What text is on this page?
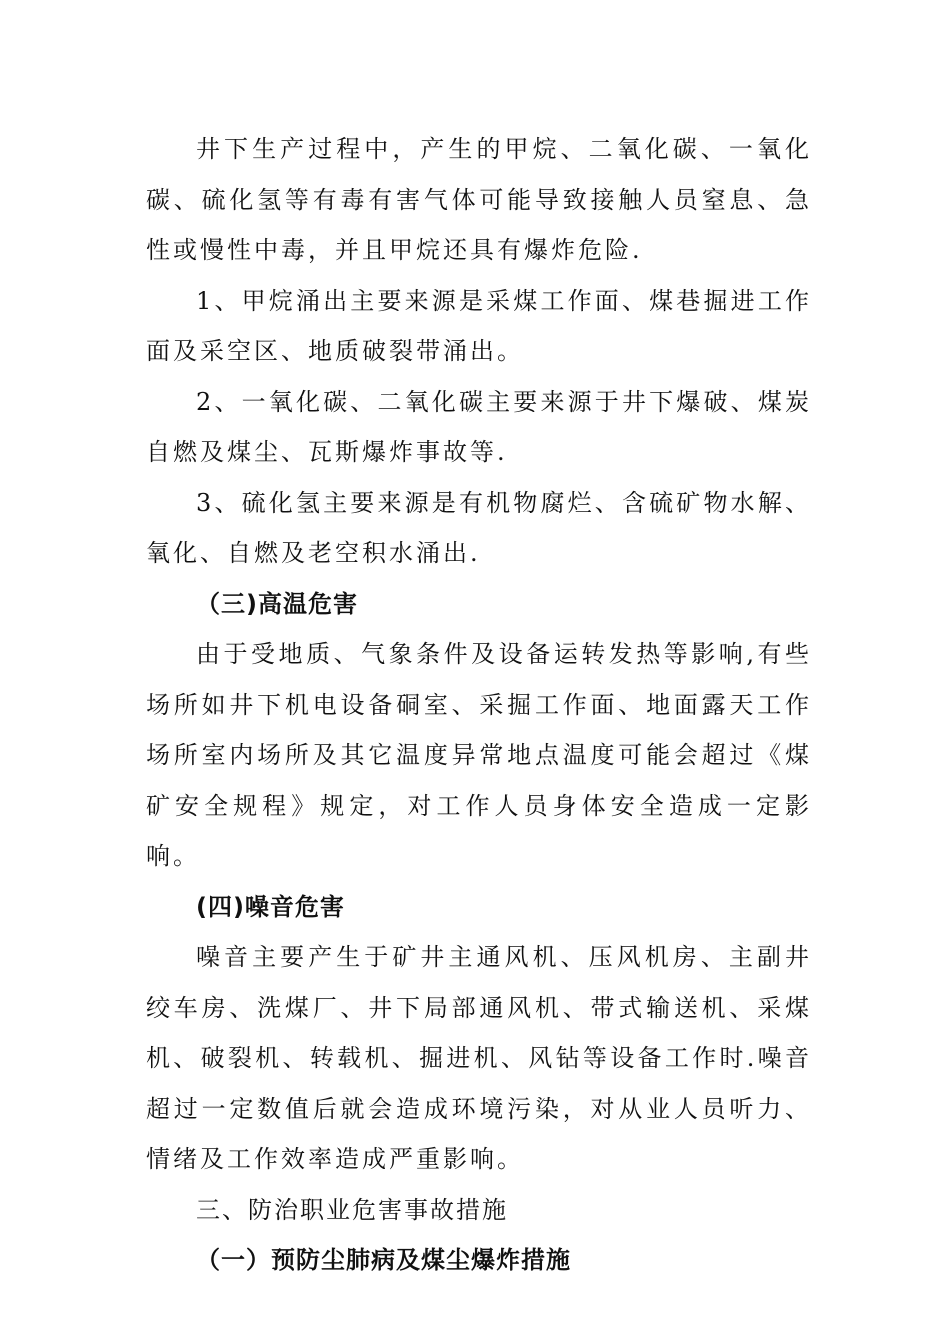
井下生产过程中，产生的甲烷、二氧化碳、一氧化碳、硫化氢等有毒有害气体可能导致接触人员窒息、急性或慢性中毒，并且甲烷还具有爆炸危险.

1、甲烷涌出主要来源是采煤工作面、煤巷掘进工作面及采空区、地质破裂带涌出。

2、一氧化碳、二氧化碳主要来源于井下爆破、煤炭自燃及煤尘、瓦斯爆炸事故等.

3、硫化氢主要来源是有机物腐烂、含硫矿物水解、氧化、自燃及老空积水涌出.

（三)高温危害

由于受地质、气象条件及设备运转发热等影响,有些场所如井下机电设备硐室、采掘工作面、地面露天工作场所室内场所及其它温度异常地点温度可能会超过《煤矿安全规程》规定，对工作人员身体安全造成一定影响。

(四)噪音危害

噪音主要产生于矿井主通风机、压风机房、主副井绞车房、洗煤厂、井下局部通风机、带式输送机、采煤机、破裂机、转载机、掘进机、风钻等设备工作时.噪音超过一定数值后就会造成环境污染，对从业人员听力、情绪及工作效率造成严重影响。

三、防治职业危害事故措施

（一）预防尘肺病及煤尘爆炸措施
